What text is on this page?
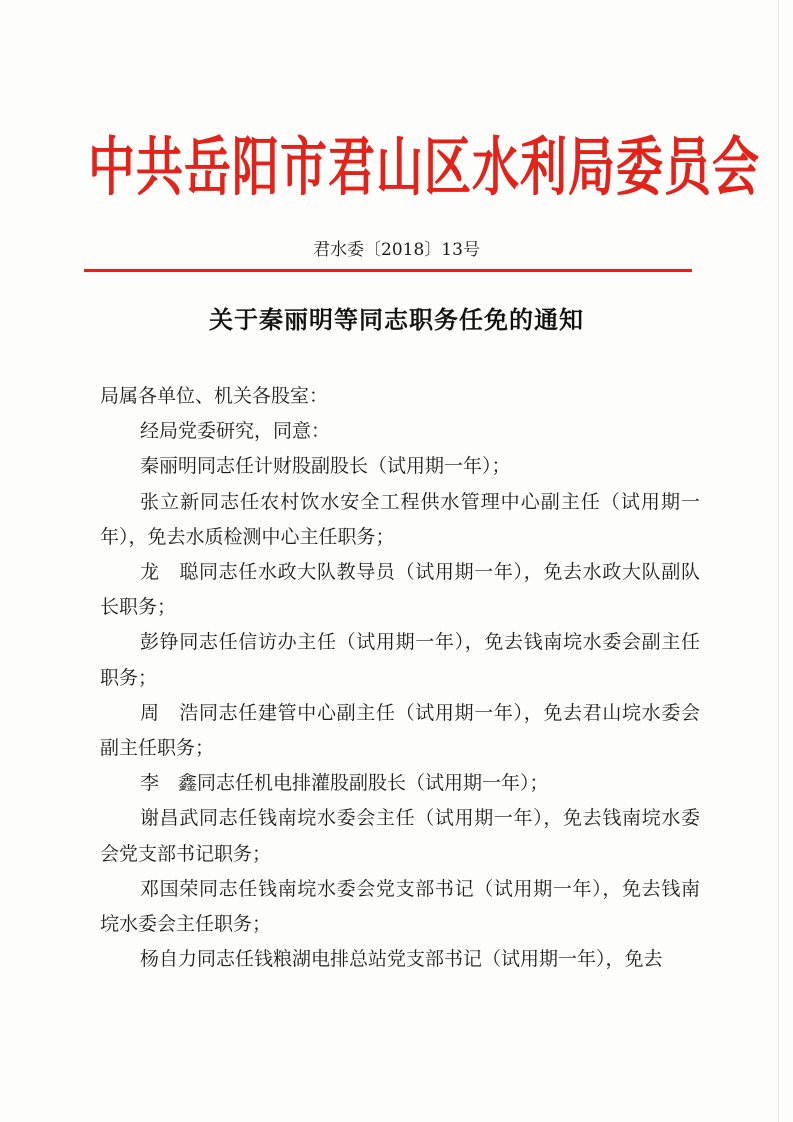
中共岳阳市君山区水利局委员会
君水委〔2018〕13号
关于秦丽明等同志职务任免的通知

局属各单位、机关各股室：

经局党委研究，同意：

秦丽明同志任计财股副股长（试用期一年）；

张立新同志任农村饮水安全工程供水管理中心副主任（试用期一年），免去水质检测中心主任职务；

龙　聪同志任水政大队教导员（试用期一年），免去水政大队副队长职务；

彭铮同志任信访办主任（试用期一年），免去钱南垸水委会副主任职务；

周　浩同志任建管中心副主任（试用期一年），免去君山垸水委会副主任职务；

李　鑫同志任机电排灌股副股长（试用期一年）；

谢昌武同志任钱南垸水委会主任（试用期一年），免去钱南垸水委会党支部书记职务；

邓国荣同志任钱南垸水委会党支部书记（试用期一年），免去钱南垸水委会主任职务；

杨自力同志任钱粮湖电排总站党支部书记（试用期一年），免去
